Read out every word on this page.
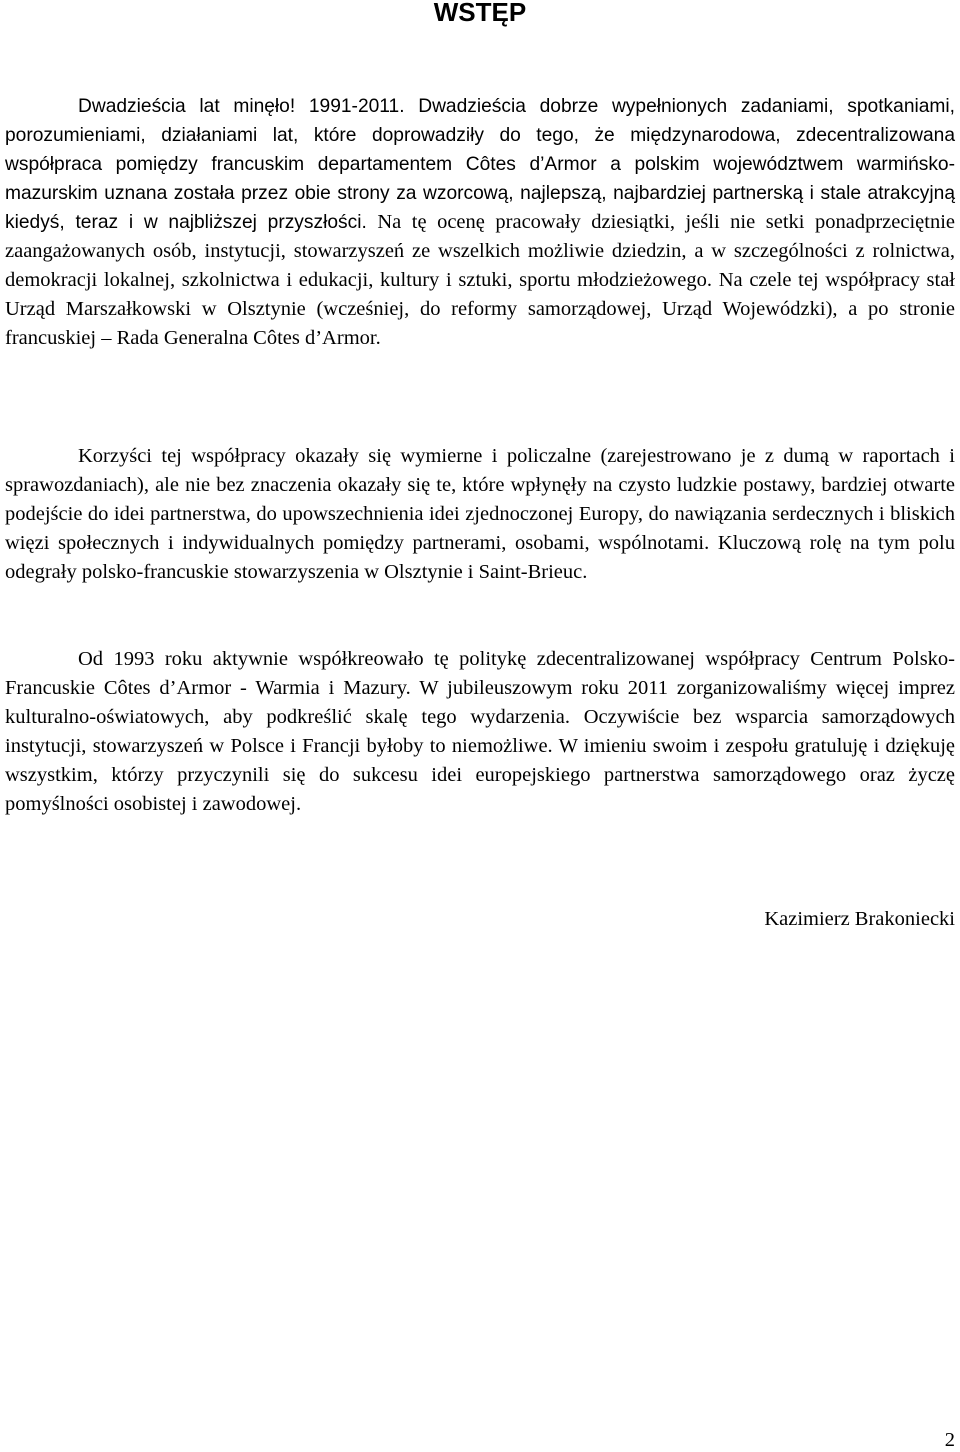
WSTĘP

Dwadzieścia lat minęło! 1991-2011. Dwadzieścia dobrze wypełnionych zadaniami, spotkaniami, porozumieniami, działaniami lat, które doprowadziły do tego, że międzynarodowa, zdecentralizowana współpraca pomiędzy francuskim departamentem Côtes d’Armor a polskim województwem warmińsko-mazurskim uznana została przez obie strony za wzorcową, najlepszą, najbardziej partnerską i stale atrakcyjną kiedyś, teraz i w najbliższej przyszłości. Na tę ocenę pracowały dziesiątki, jeśli nie setki ponadprzeciętnie zaangażowanych osób, instytucji, stowarzyszeń ze wszelkich możliwie dziedzin, a w szczególności z rolnictwa, demokracji lokalnej, szkolnictwa i edukacji, kultury i sztuki, sportu młodzieżowego. Na czele tej współpracy stał Urząd Marszałkowski w Olsztynie (wcześniej, do reformy samorządowej, Urząd Wojewódzki), a po stronie francuskiej – Rada Generalna Côtes d’Armor.

Korzyści tej współpracy okazały się wymierne i policzalne (zarejestrowano je z dumą w raportach i sprawozdaniach), ale nie bez znaczenia okazały się te, które wpłynęły na czysto ludzkie postawy, bardziej otwarte podejście do idei partnerstwa, do upowszechnienia idei zjednoczonej Europy, do nawiązania serdecznych i bliskich więzi społecznych i indywidualnych pomiędzy partnerami, osobami, wspólnotami. Kluczową rolę na tym polu odegrały polsko-francuskie stowarzyszenia w Olsztynie i Saint-Brieuc.

Od 1993 roku aktywnie współkreowało tę politykę zdecentralizowanej współpracy Centrum Polsko-Francuskie Côtes d’Armor - Warmia i Mazury. W jubileuszowym roku 2011 zorganizowaliśmy więcej imprez kulturalno-oświatowych, aby podkreślić skalę tego wydarzenia. Oczywiście bez wsparcia samorządowych instytucji, stowarzyszeń w Polsce i Francji byłoby to niemożliwe. W imieniu swoim i zespołu gratuluję i dziękuję wszystkim, którzy przyczynili się do sukcesu idei europejskiego partnerstwa samorządowego oraz życzę pomyślności osobistej i zawodowej.

Kazimierz Brakoniecki

2
